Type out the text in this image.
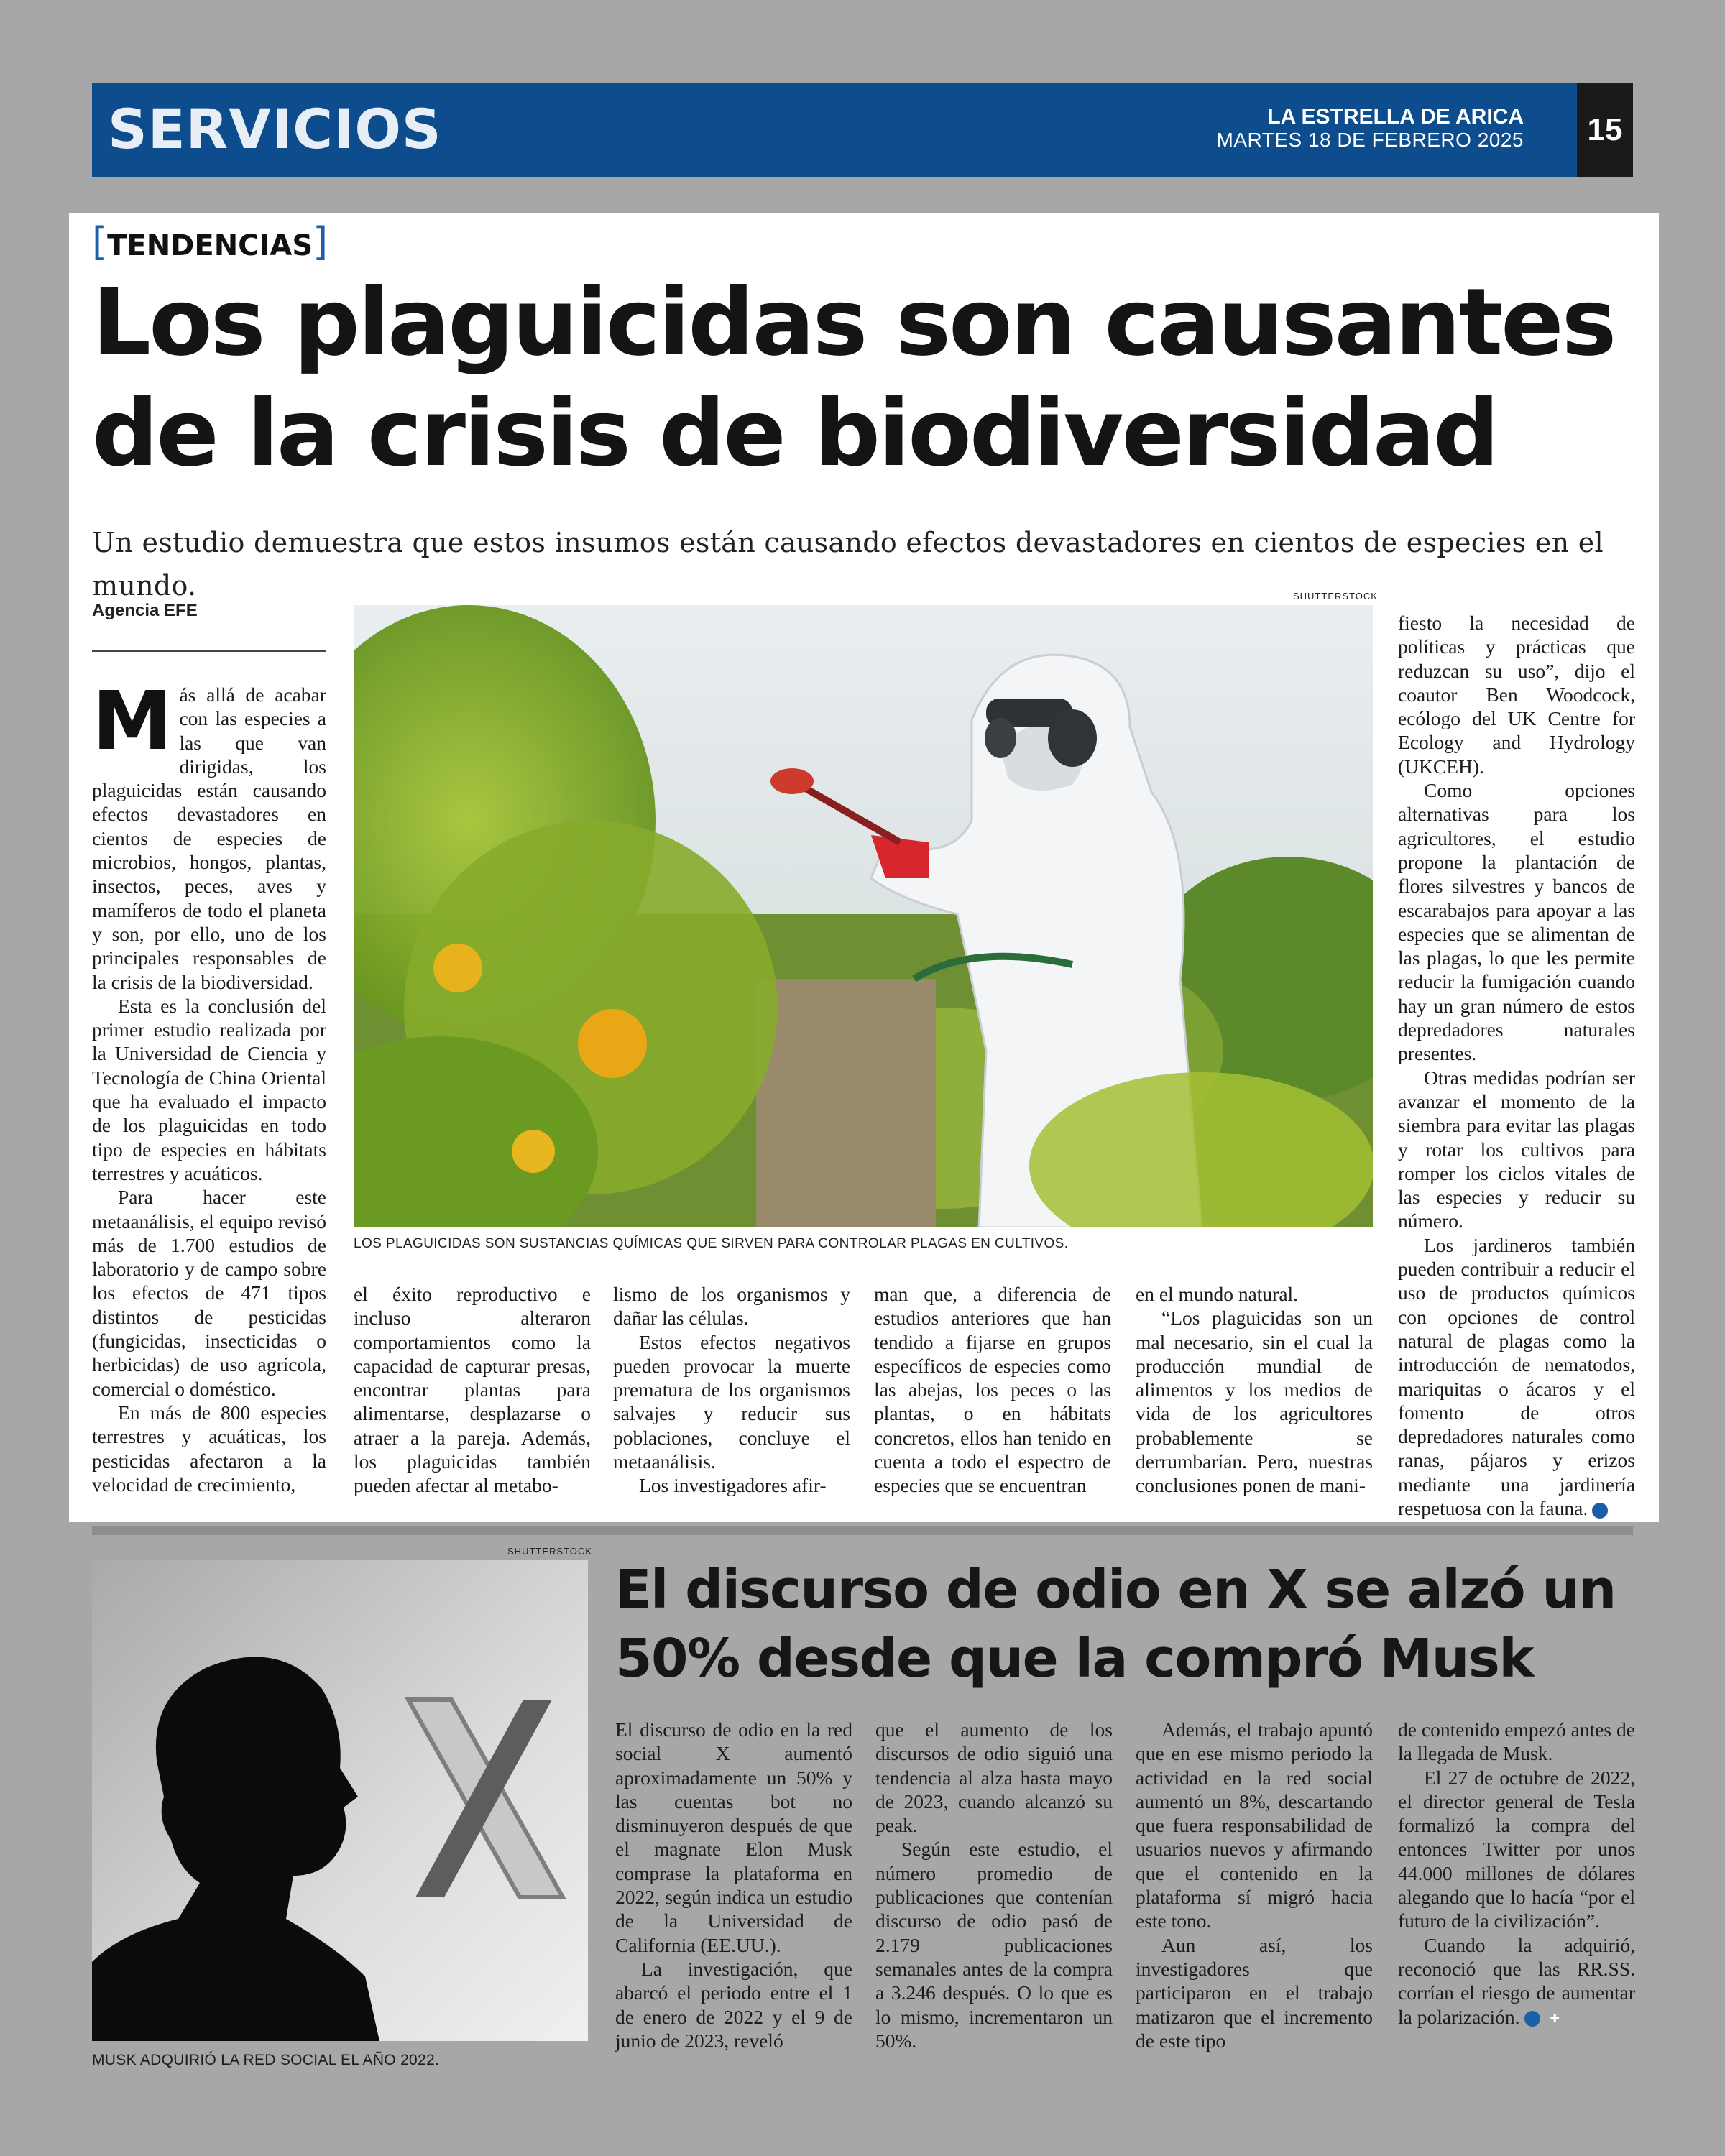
SERVICIOS	LA ESTRELLA DE ARICA
MARTES 18 DE FEBRERO 2025	15
[TENDENCIAS]
Los plaguicidas son causantes de la crisis de biodiversidad
Un estudio demuestra que estos insumos están causando efectos devastadores en cientos de especies en el mundo.
Agencia EFE

Más allá de acabar con las especies a las que van dirigidas, los plaguicidas están causando efectos devastadores en cientos de especies de microbios, hongos, plantas, insectos, peces, aves y mamíferos de todo el planeta y son, por ello, uno de los principales responsables de la crisis de la biodiversidad.

Esta es la conclusión del primer estudio realizada por la Universidad de Ciencia y Tecnología de China Oriental que ha evaluado el impacto de los plaguicidas en todo tipo de especies en hábitats terrestres y acuáticos.

Para hacer este metaanálisis, el equipo revisó más de 1.700 estudios de laboratorio y de campo sobre los efectos de 471 tipos distintos de pesticidas (fungicidas, insecticidas o herbicidas) de uso agrícola, comercial o doméstico.

En más de 800 especies terrestres y acuáticas, los pesticidas afectaron a la velocidad de crecimiento,

SHUTTERSTOCK
LOS PLAGUICIDAS SON SUSTANCIAS QUÍMICAS QUE SIRVEN PARA CONTROLAR PLAGAS EN CULTIVOS.

el éxito reproductivo e incluso alteraron comportamientos como la capacidad de capturar presas, encontrar plantas para alimentarse, desplazarse o atraer a la pareja. Además, los plaguicidas también pueden afectar al metabo-

lismo de los organismos y dañar las células.

Estos efectos negativos pueden provocar la muerte prematura de los organismos salvajes y reducir sus poblaciones, concluye el metaanálisis.

Los investigadores afir-

man que, a diferencia de estudios anteriores que han tendido a fijarse en grupos específicos de especies como las abejas, los peces o las plantas, o en hábitats concretos, ellos han tenido en cuenta a todo el espectro de especies que se encuentran

en el mundo natural.

“Los plaguicidas son un mal necesario, sin el cual la producción mundial de alimentos y los medios de vida de los agricultores probablemente se derrumbarían. Pero, nuestras conclusiones ponen de mani-

fiesto la necesidad de políticas y prácticas que reduzcan su uso”, dijo el coautor Ben Woodcock, ecólogo del UK Centre for Ecology and Hydrology (UKCEH).

Como opciones alternativas para los agricultores, el estudio propone la plantación de flores silvestres y bancos de escarabajos para apoyar a las especies que se alimentan de las plagas, lo que les permite reducir la fumigación cuando hay un gran número de estos depredadores naturales presentes.

Otras medidas podrían ser avanzar el momento de la siembra para evitar las plagas y rotar los cultivos para romper los ciclos vitales de las especies y reducir su número.

Los jardineros también pueden contribuir a reducir el uso de productos químicos con opciones de control natural de plagas como la introducción de nematodos, mariquitas o ácaros y el fomento de otros depredadores naturales como ranas, pájaros y erizos mediante una jardinería respetuosa con la fauna.	✚

SHUTTERSTOCK
MUSK ADQUIRIÓ LA RED SOCIAL EL AÑO 2022.
El discurso de odio en X se alzó un 50% desde que la compró Musk

El discurso de odio en la red social X aumentó aproximadamente un 50% y las cuentas bot no disminuyeron después de que el magnate Elon Musk comprase la plataforma en 2022, según indica un estudio de la Universidad de California (EE.UU.).

La investigación, que abarcó el periodo entre el 1 de enero de 2022 y el 9 de junio de 2023, reveló

que el aumento de los discursos de odio siguió una tendencia al alza hasta mayo de 2023, cuando alcanzó su peak.

Según este estudio, el número promedio de publicaciones que contenían discurso de odio pasó de 2.179 publicaciones semanales antes de la compra a 3.246 después. O lo que es lo mismo, incrementaron un 50%.

Además, el trabajo apuntó que en ese mismo periodo la actividad en la red social aumentó un 8%, descartando que fuera responsabilidad de usuarios nuevos y afirmando que el contenido en la plataforma sí migró hacia este tono.

Aun así, los investigadores que participaron en el trabajo matizaron que el incremento de este tipo

de contenido empezó antes de la llegada de Musk.

El 27 de octubre de 2022, el director general de Tesla formalizó la compra del entonces Twitter por unos 44.000 millones de dólares alegando que lo hacía “por el futuro de la civilización”.

Cuando la adquirió, reconoció que las RR.SS. corrían el riesgo de aumentar la polarización.	✚
